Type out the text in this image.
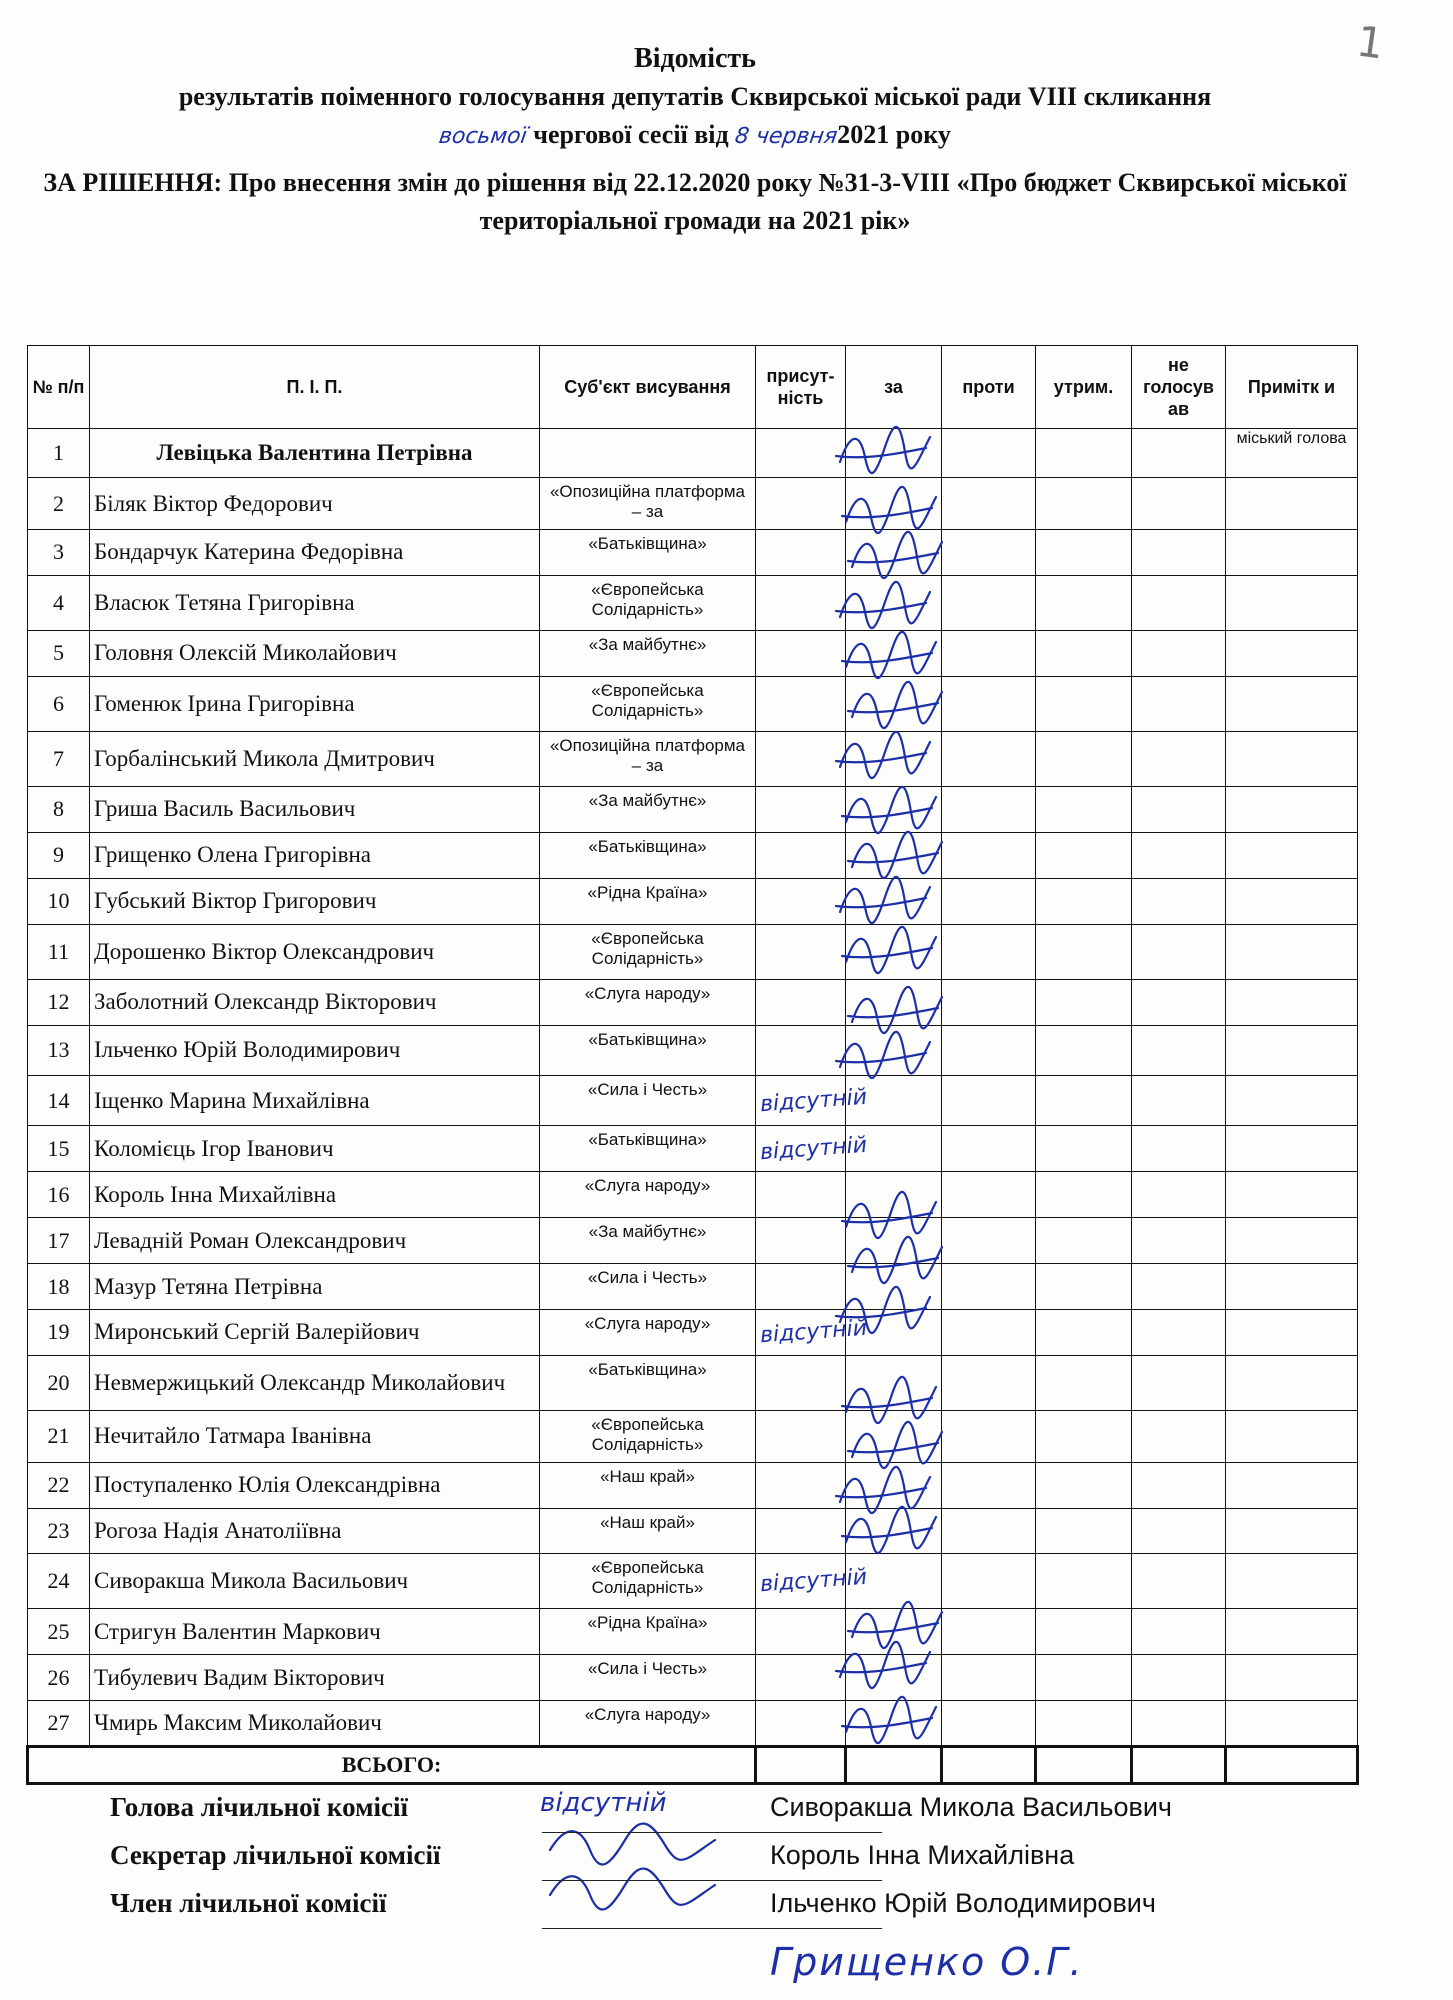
1
Відомість
результатів поіменного голосування депутатів Сквирської міської ради VIII скликання
восьмої чергової сесії від 8 червня2021 року
ЗА РІШЕННЯ: Про внесення змін до рішення від 22.12.2020 року №31-3-VIII «Про бюджет Сквирської міської територіальної громади на 2021 рік»
№ п/п	П. І. П.	Суб'єкт висування	присут-ність	за	проти	утрим.	не голосув ав	Примітк и
1	Левіцька Валентина Петрівна							міський голова
2	Біляк Віктор Федорович	«Опозиційна платформа – за	

3	Бондарчук Катерина Федорівна	«Батьківщина»	

4	Власюк Тетяна Григорівна	«Європейська Солідарність»	

5	Головня Олексій Миколайович	«За майбутнє»	

6	Гоменюк Ірина Григорівна	«Європейська Солідарність»	

7	Горбалінський Микола Дмитрович	«Опозиційна платформа – за	

8	Гриша Василь Васильович	«За майбутнє»	

9	Грищенко Олена Григорівна	«Батьківщина»	

10	Губський Віктор Григорович	«Рідна Країна»	

11	Дорошенко Віктор Олександрович	«Європейська Солідарність»	

12	Заболотний Олександр Вікторович	«Слуга народу»	

13	Ільченко Юрій Володимирович	«Батьківщина»	

14	Іщенко Марина Михайлівна	«Сила і Честь»	відсутній					

15	Коломієць Ігор Іванович	«Батьківщина»	відсутній					

16	Король Інна Михайлівна	«Слуга народу»	

17	Левадній Роман Олександрович	«За майбутнє»	

18	Мазур Тетяна Петрівна	«Сила і Честь»	

19	Миронський Сергій Валерійович	«Слуга народу»	відсутній					

20	Невмержицький Олександр Миколайович	«Батьківщина»	

21	Нечитайло Татмара Іванівна	«Європейська Солідарність»	

22	Поступаленко Юлія Олександрівна	«Наш край»	

23	Рогоза Надія Анатоліївна	«Наш край»	

24	Сиворакша Микола Васильович	«Європейська Солідарність»	відсутній					

25	Стригун Валентин Маркович	«Рідна Країна»	

26	Тибулевич Вадим Вікторович	«Сила і Честь»	

27	Чмирь Максим Миколайович	«Слуга народу»	

ВСЬОГО:								
Голова лічильної комісії	відсутній	Сиворакша Микола Васильович
Секретар лічильної комісії	Король Інна Михайлівна
Член лічильної комісії	Ільченко Юрій Володимирович
Грищенко О.Г.
